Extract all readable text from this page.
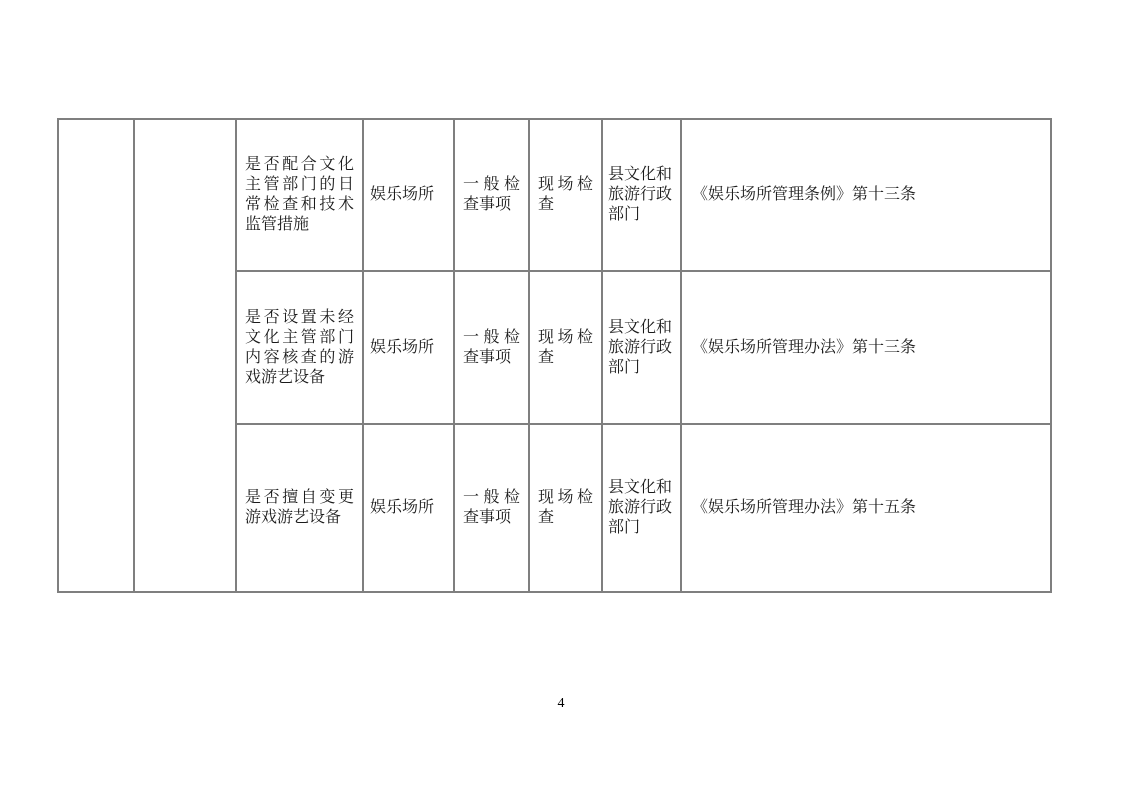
		是否配合文化主管部门的日常检查和技术监管措施	娱乐场所	一般检查事项	现场检查	县文化和旅游行政部门	《娱乐场所管理条例》第十三条
		是否设置未经文化主管部门内容核查的游戏游艺设备	娱乐场所	一般检查事项	现场检查	县文化和旅游行政部门	《娱乐场所管理办法》第十三条
		是否擅自变更游戏游艺设备	娱乐场所	一般检查事项	现场检查	县文化和旅游行政部门	《娱乐场所管理办法》第十五条
4
